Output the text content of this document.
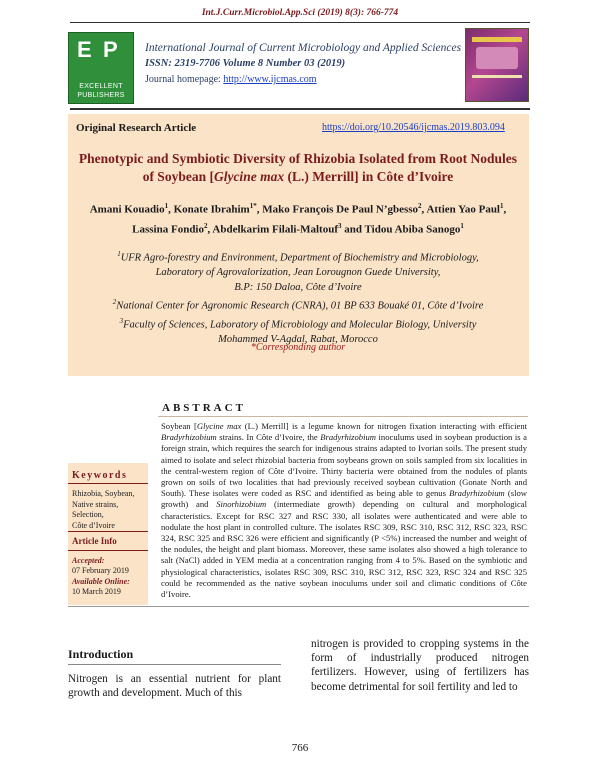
Int.J.Curr.Microbiol.App.Sci (2019) 8(3): 766-774
E P
EXCELLENT
PUBLISHERS
International Journal of Current Microbiology and Applied Sciences
ISSN: 2319-7706 Volume 8 Number 03 (2019)
Journal homepage: http://www.ijcmas.com
Original Research Article	https://doi.org/10.20546/ijcmas.2019.803.094
Phenotypic and Symbiotic Diversity of Rhizobia Isolated from Root Nodules of Soybean [Glycine max (L.) Merrill] in Côte d’Ivoire
Amani Kouadio$^1$, Konate Ibrahim$^{1*}$, Mako François De Paul N’gbesso$^2$, Attien Yao Paul$^1$, Lassina Fondio$^2$, Abdelkarim Filali-Maltouf$^3$ and Tidou Abiba Sanogo$^1$
$^1$UFR Agro-forestry and Environment, Department of Biochemistry and Microbiology,
Laboratory of Agrovalorization, Jean Lorougnon Guede University,
B.P: 150 Daloa, Côte d’Ivoire
$^2$National Center for Agronomic Research (CNRA), 01 BP 633 Bouaké 01, Côte d’Ivoire
$^3$Faculty of Sciences, Laboratory of Microbiology and Molecular Biology, University
Mohammed V-Agdal, Rabat, Morocco
*Corresponding author
ABSTRACT
Keywords
Rhizobia, Soybean,
Native strains,
Selection,
Côte d’Ivoire
Article Info
Accepted:
07 February 2019
Available Online:
10 March 2019
Soybean [Glycine max (L.) Merrill] is a legume known for nitrogen fixation interacting with efficient Bradyrhizobium strains. In Côte d’Ivoire, the Bradyrhizobium inoculums used in soybean production is a foreign strain, which requires the search for indigenous strains adapted to Ivorian soils. The present study aimed to isolate and select rhizobial bacteria from soybeans grown on soils sampled from six localities in the central-western region of Côte d’Ivoire. Thirty bacteria were obtained from the nodules of plants grown on soils of two localities that had previously received soybean cultivation (Gonate North and South). These isolates were coded as RSC and identified as being able to genus Bradyrhizobium (slow growth) and Sinorhizobium (intermediate growth) depending on cultural and morphological characteristics. Except for RSC 327 and RSC 330, all isolates were authenticated and were able to nodulate the host plant in controlled culture. The isolates RSC 309, RSC 310, RSC 312, RSC 323, RSC 324, RSC 325 and RSC 326 were efficient and significantly (P <5%) increased the number and weight of the nodules, the height and plant biomass. Moreover, these same isolates also showed a high tolerance to salt (NaCl) added in YEM media at a concentration ranging from 4 to 5%. Based on the symbiotic and physiological characteristics, isolates RSC 309, RSC 310, RSC 312, RSC 323, RSC 324 and RSC 325 could be recommended as the native soybean inoculums under soil and climatic conditions of Côte d’Ivoire.
Introduction
Nitrogen is an essential nutrient for plant growth and development. Much of this
nitrogen is provided to cropping systems in the form of industrially produced nitrogen fertilizers. However, using of fertilizers has become detrimental for soil fertility and led to
766
